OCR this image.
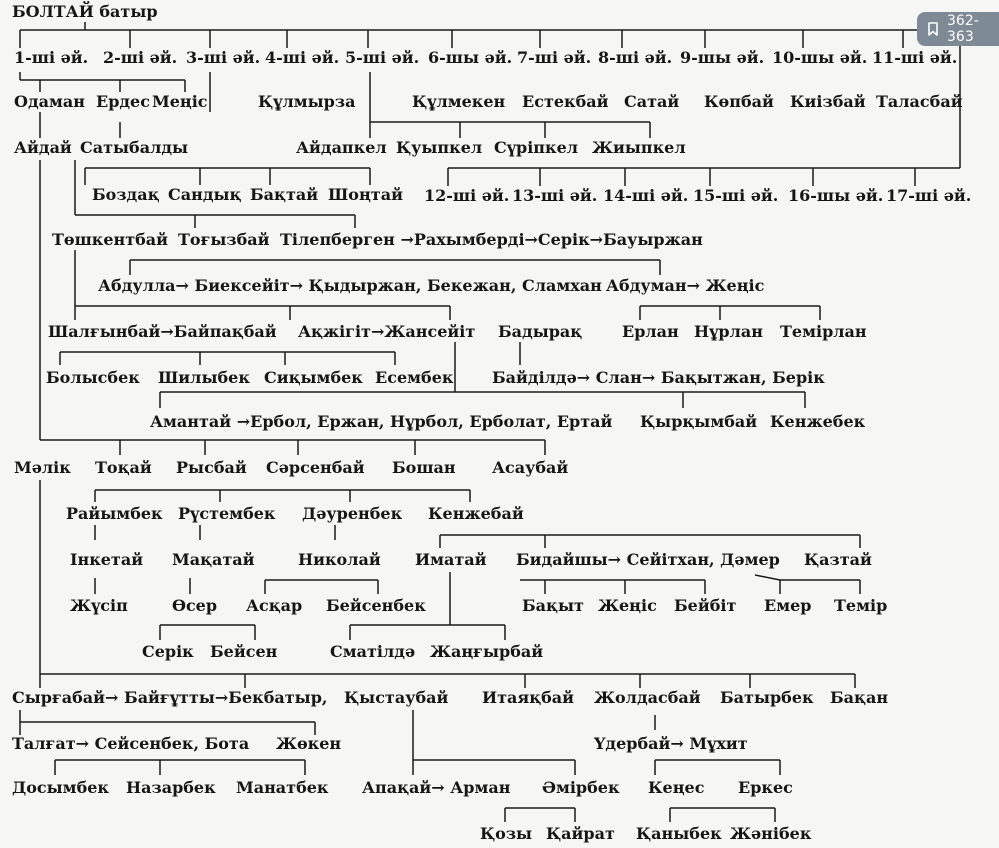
БОЛТАЙ батыр
1-ші әй. 2-ші әй. 3-ші әй. 4-ші әй. 5-ші әй. 6-шы әй. 7-ші әй. 8-ші әй. 9-шы әй. 10-шы әй. 11-ші әй.
Одаман Ердес Меңіс	Құлмырза	Құлмекен Естекбай Сатай Көпбай Киізбай Таласбай
Айдай Сатыбалды	Айдапкел Қуыпкел Сүріпкел Жиыпкел
Боздақ Сандық Бақтай Шоңтай 12-ші әй. 13-ші әй. 14-ші әй. 15-ші әй. 16-шы әй. 17-ші әй.
Төшкентбай Тоғызбай Тілепберген →Рахымберді→Серік→Бауыржан
Абдулла→ Биексейіт→ Қыдыржан, Бекежан, Сламхан Абдуман→ Жеңіс
Шалғынбай→Байпақбай Ақжігіт→Жансейіт Бадырақ Ерлан Нұрлан Темірлан
Болысбек Шилыбек Сиқымбек Есембек Байділдә→ Слан→ Бақытжан, Берік
Амантай →Ербол, Ержан, Нұрбол, Ерболат, Ертай Қырқымбай Кенжебек
Мәлік Тоқай Рысбай Сәрсенбай Бошан Асаубай
Райымбек Рүстембек Дәуренбек Кенжебай
Інкетай Мақатай	Николай Иматай Бидайшы→ Сейітхан, Дәмер Қазтай
Жүсіп	Өсер Асқар Бейсенбек	Бақыт Жеңіс Бейбіт Емер Темір
Серік Бейсен	Сматілдә Жаңғырбай
Сырғабай→ Байғұтты→Бекбатыр, Қыстаубай Итаяқбай Жолдасбай Батырбек Бақан
Талғат→ Сейсенбек, Бота Жөкен	Үдербай→ Мұхит
Досымбек Назарбек Манатбек Апақай→ Арман Әмірбек Кеңес Еркес
Қозы Қайрат Қаныбек Жәнібек
362-363
